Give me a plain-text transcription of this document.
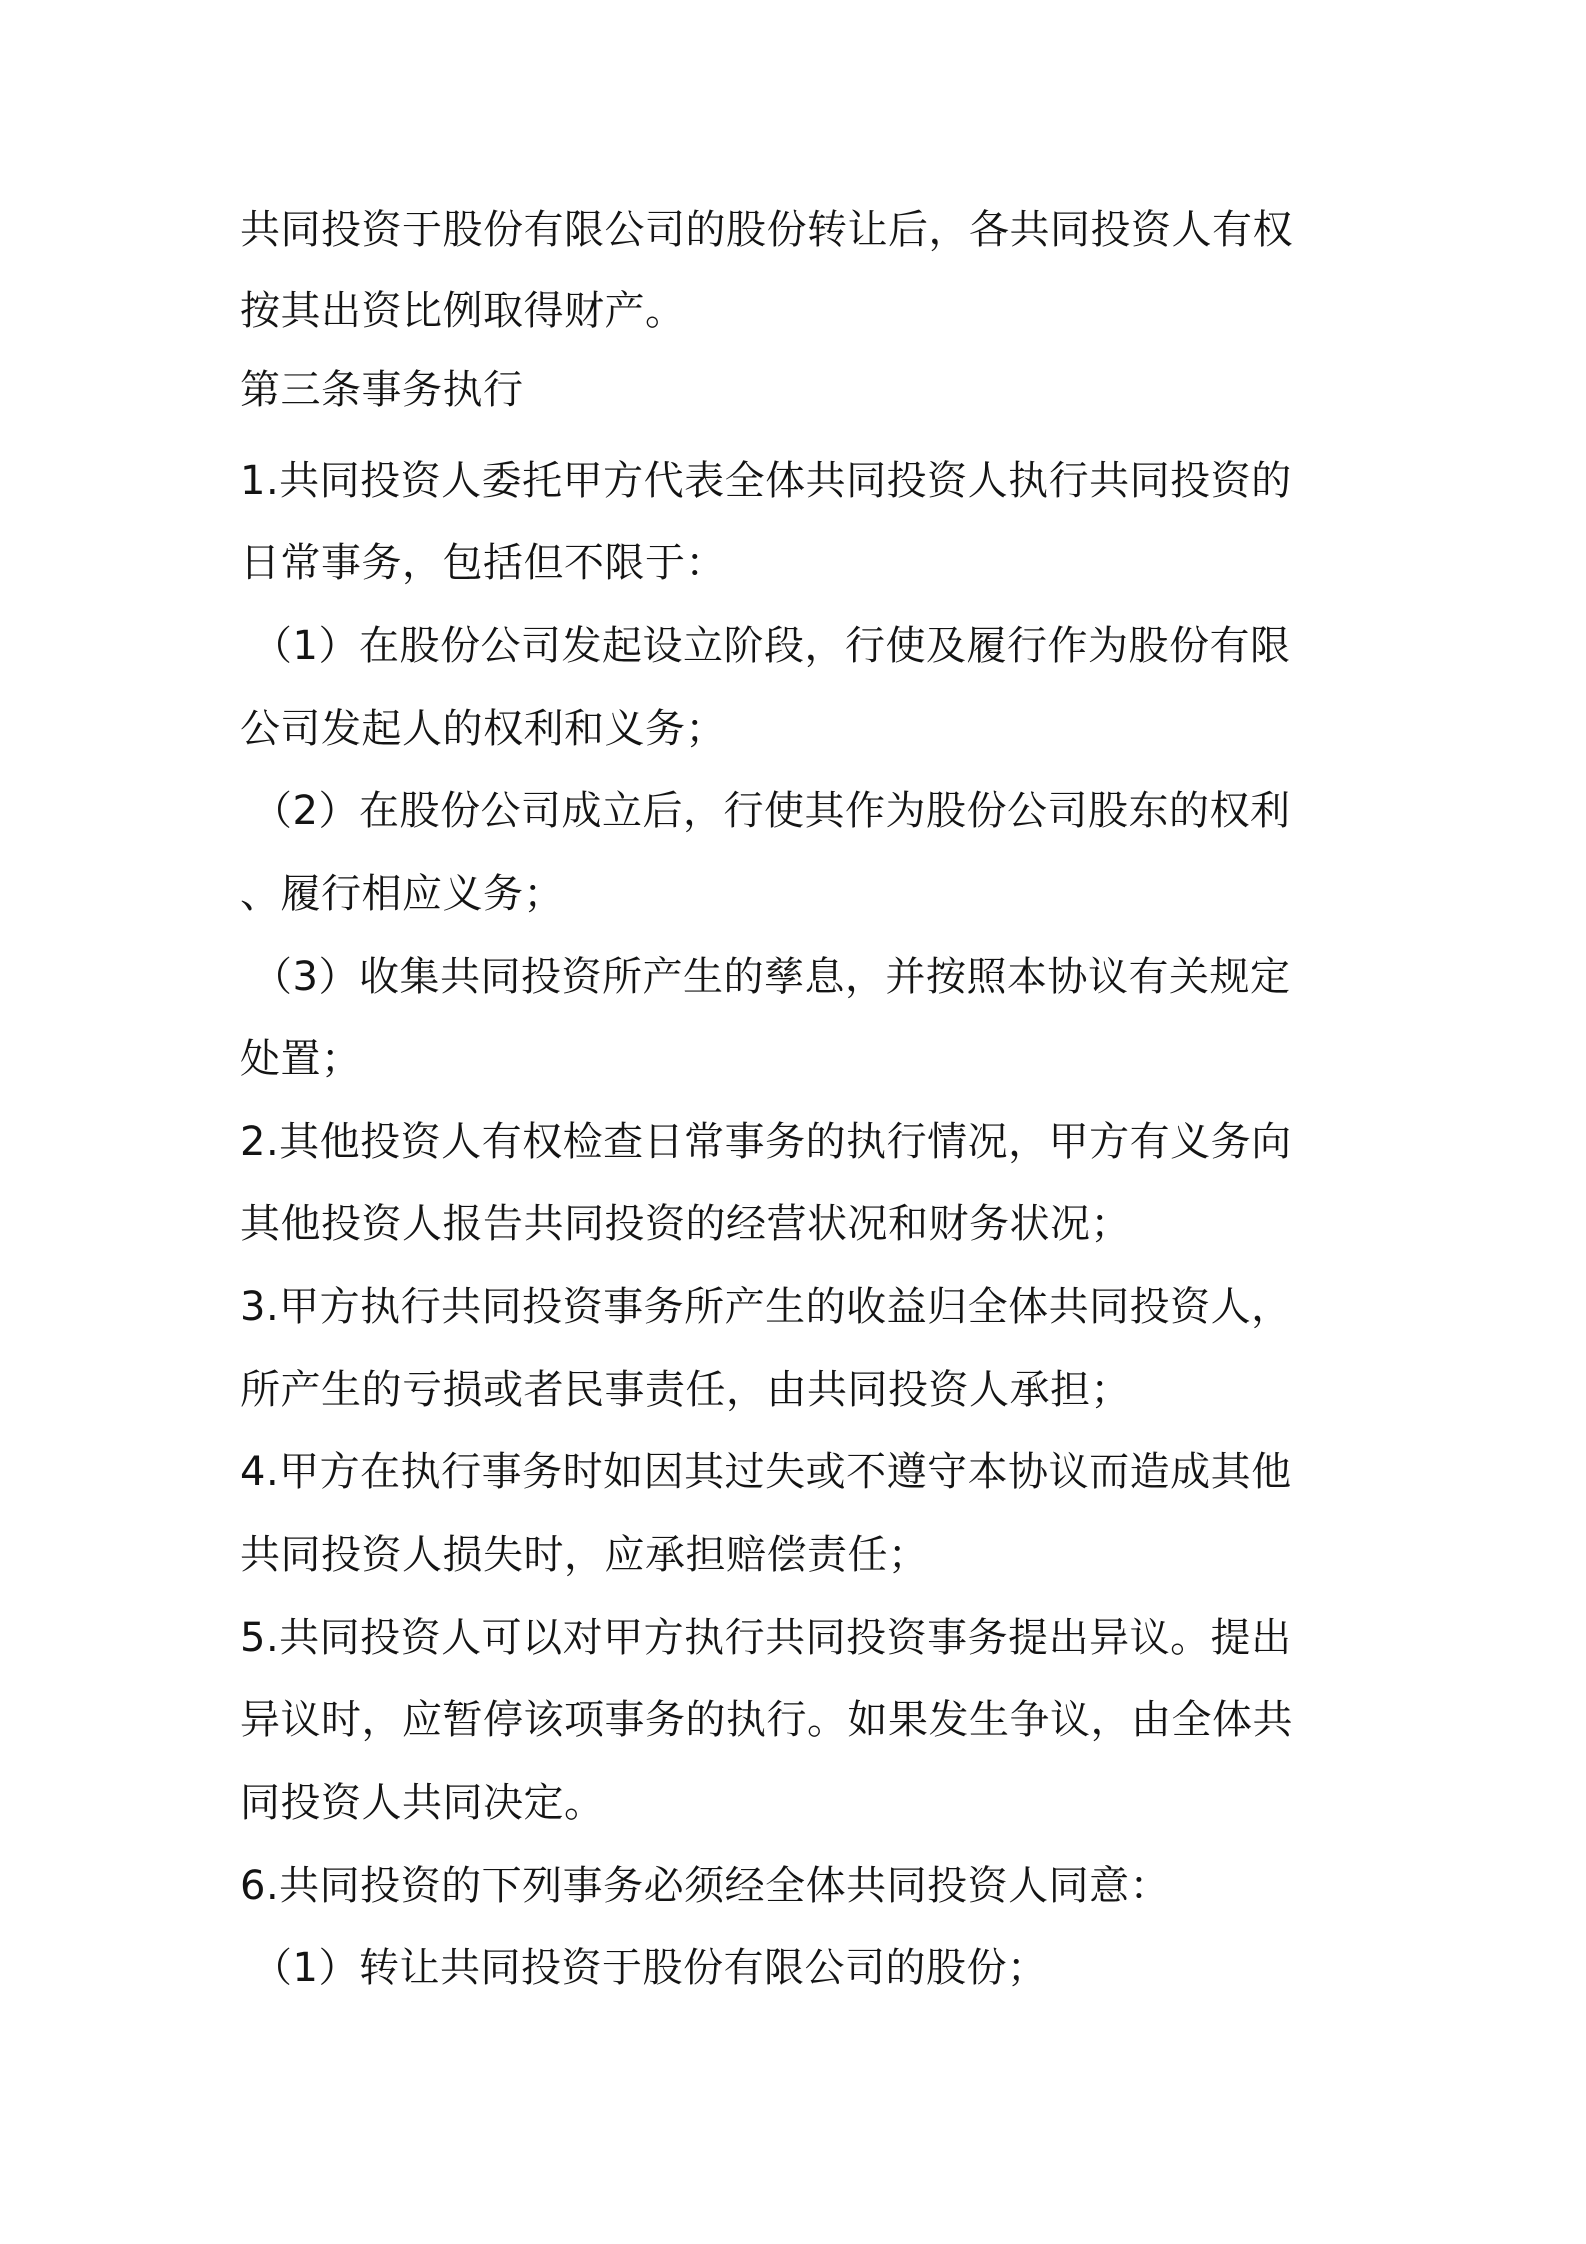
共同投资于股份有限公司的股份转让后，各共同投资人有权
按其出资比例取得财产。
第三条事务执行
1.共同投资人委托甲方代表全体共同投资人执行共同投资的
日常事务，包括但不限于：
（1）在股份公司发起设立阶段，行使及履行作为股份有限
公司发起人的权利和义务；
（2）在股份公司成立后，行使其作为股份公司股东的权利
、履行相应义务；
（3）收集共同投资所产生的孳息，并按照本协议有关规定
处置；
2.其他投资人有权检查日常事务的执行情况，甲方有义务向
其他投资人报告共同投资的经营状况和财务状况；
3.甲方执行共同投资事务所产生的收益归全体共同投资人，
所产生的亏损或者民事责任，由共同投资人承担；
4.甲方在执行事务时如因其过失或不遵守本协议而造成其他
共同投资人损失时，应承担赔偿责任；
5.共同投资人可以对甲方执行共同投资事务提出异议。提出
异议时，应暂停该项事务的执行。如果发生争议，由全体共
同投资人共同决定。
6.共同投资的下列事务必须经全体共同投资人同意：
（1）转让共同投资于股份有限公司的股份；
